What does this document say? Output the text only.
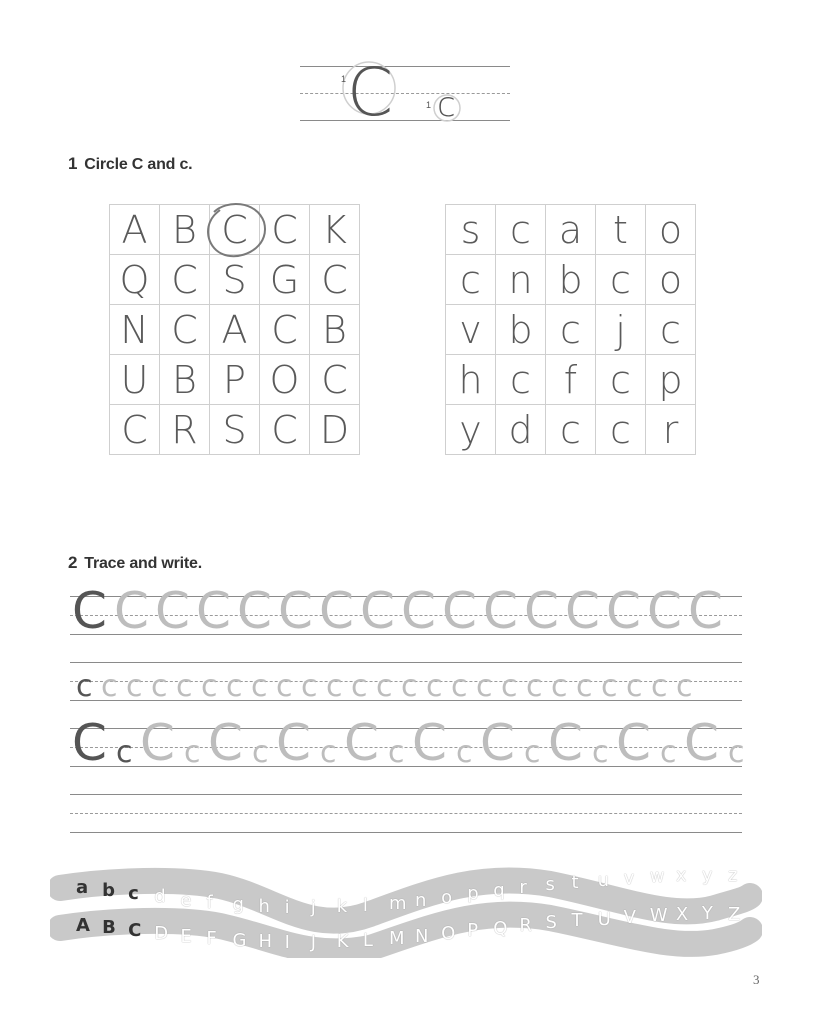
C c
1
1
1 Circle C and c.
A	B	C	C	K
Q	C	S	G	C
N	C	A	C	B
U	B	P	O	C
C	R	S	C	D
s	c	a	t	o
c	n	b	c	o
v	b	c	j	c
h	c	f	c	p
y	d	c	c	r
2 Trace and write.
C C C C C C C C C C C C C C C C
c c c c c c c c c c c c c c c c c c c c c c c c c
C c C c C c C c C c C c C c C c C c C c
a b c d e f g h i j k l m n o p q r s t u v w x y z
A B C D E F G H I J K L M N O P Q R S T U V W X Y Z
3
